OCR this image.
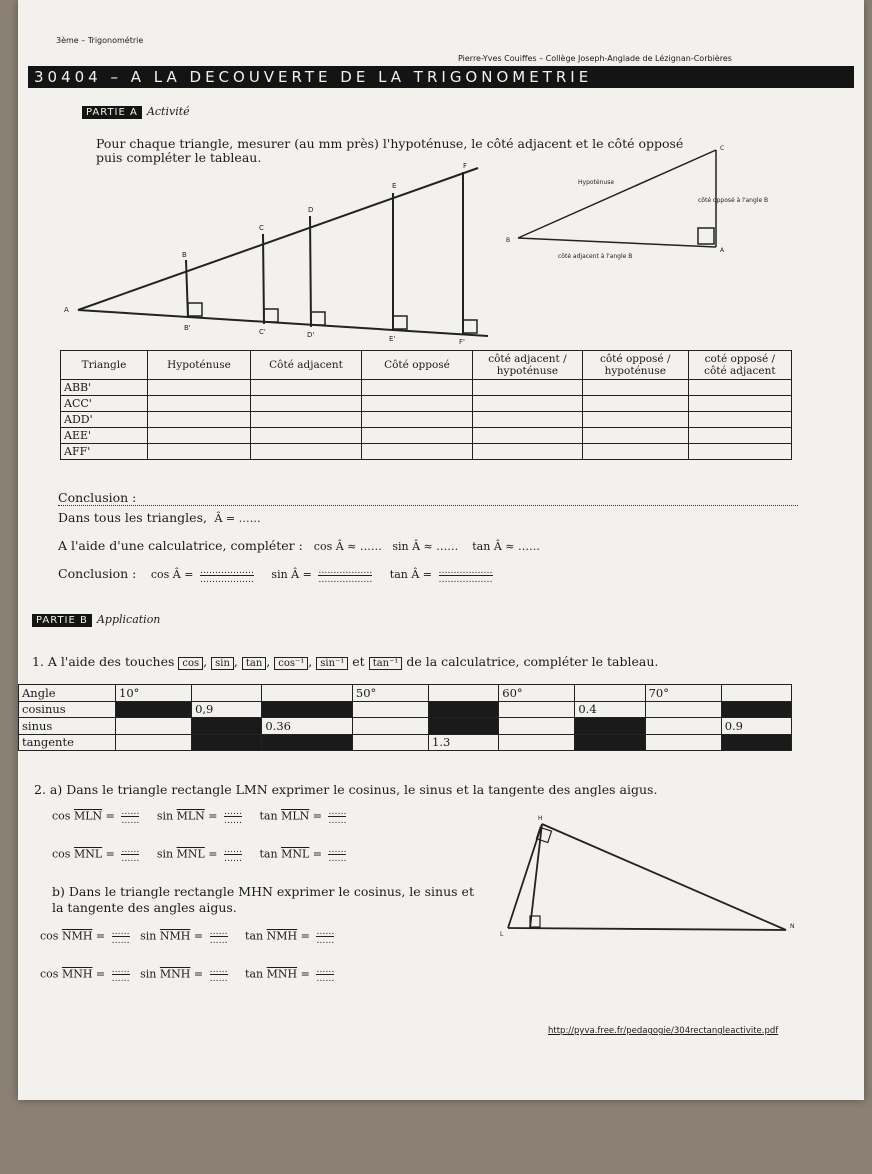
3ème – Trigonométrie
Pierre-Yves Couiffes – Collège Joseph-Anglade de Lézignan-Corbières
30404 – A LA DECOUVERTE DE LA TRIGONOMETRIE
PARTIE A Activité
Pour chaque triangle, mesurer (au mm près) l'hypoténuse, le côté adjacent et le côté opposé
puis compléter le tableau.
A
B
C
D
E
F
B'	C'	D'	E'	F'
C
B
A
Hypoténuse
côté opposé à l'angle B
côté adjacent à l'angle B
Triangle	Hypoténuse	Côté adjacent	Côté opposé	côté adjacent / hypoténuse	côté opposé / hypoténuse	coté opposé / côté adjacent
ABB'						
ACC'						
ADD'						
AEE'						
AFF'						
Conclusion :
Dans tous les triangles,  Â = ……
A l'aide d'une calculatrice, compléter :   cos Â ≈ ……   sin Â ≈ ……    tan Â ≈ ……
Conclusion :    cos Â = $\frac{\dots\dots\dots\dots\dots\dots}{\dots\dots\dots\dots\dots\dots}$ sin Â = $\frac{\dots\dots\dots\dots\dots\dots}{\dots\dots\dots\dots\dots\dots}$ tan Â = $\frac{\dots\dots\dots\dots\dots\dots}{\dots\dots\dots\dots\dots\dots}$
PARTIE B Application
1. A l'aide des touches cos , sin , tan , cos⁻¹ , sin⁻¹ et tan⁻¹ de la calculatrice, compléter le tableau.
Angle	10°			50°		60°		70°	
cosinus		0,9					0.4		
sinus			0.36						0.9
tangente					1.3				
2. a) Dans le triangle rectangle LMN exprimer le cosinus, le sinus et la tangente des angles aigus.
$\cos \overline{MLN} = \frac{\dots\dots}{\dots\dots}$ $\sin \overline{MLN} = \frac{\dots\dots}{\dots\dots}$ $\tan \overline{MLN} = \frac{\dots\dots}{\dots\dots}$
$\cos \overline{MNL} = \frac{\dots\dots}{\dots\dots}$ $\sin \overline{MNL} = \frac{\dots\dots}{\dots\dots}$ $\tan \overline{MNL} = \frac{\dots\dots}{\dots\dots}$
b) Dans le triangle rectangle MHN exprimer le cosinus, le sinus et
la tangente des angles aigus.
$\cos \overline{NMH} = \frac{\dots\dots}{\dots\dots}$ $\sin \overline{NMH} = \frac{\dots\dots}{\dots\dots}$ $\tan \overline{NMH} = \frac{\dots\dots}{\dots\dots}$
$\cos \overline{MNH} = \frac{\dots\dots}{\dots\dots}$ $\sin \overline{MNH} = \frac{\dots\dots}{\dots\dots}$ $\tan \overline{MNH} = \frac{\dots\dots}{\dots\dots}$
H
N
L
http://pyva.free.fr/pedagogie/304rectangleactivite.pdf
